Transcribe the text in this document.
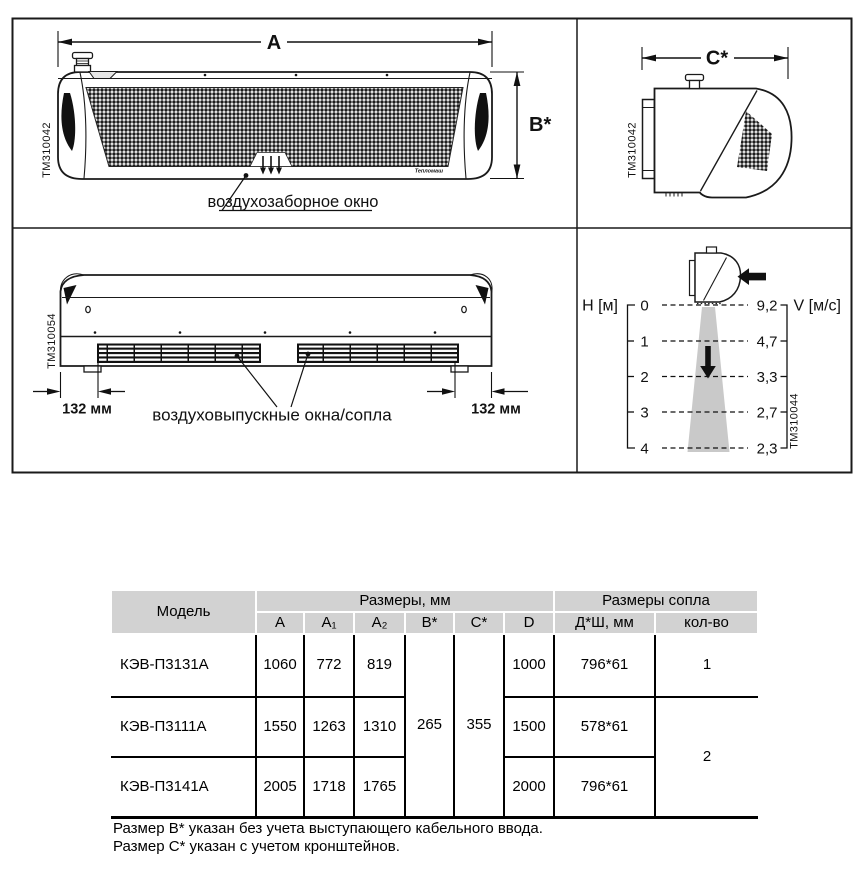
A
Тепломаш
B*
воздухозаборное окно
ТМ310042
C*
ТМ310042
132 мм	132 мм
воздуховыпускные окна/сопла
ТМ310054
H [м]	V [м/с]
0
1
2
3
4
9,2
4,7
3,3
2,7
2,3
ТМ310044
Модель	Размеры, мм						Размеры сопла	
	A	A₁	A₂	B*	C*	D	Д*Ш, мм	кол-во
КЭВ-П3131А	1060	772	819	265	355	1000	796*61	1
КЭВ-П3111А	1550	1263	1310			1500	578*61	2
КЭВ-П3141А	2005	1718	1765			2000	796*61	
Размер B* указан без учета выступающего кабельного ввода.
Размер C* указан с учетом кронштейнов.
